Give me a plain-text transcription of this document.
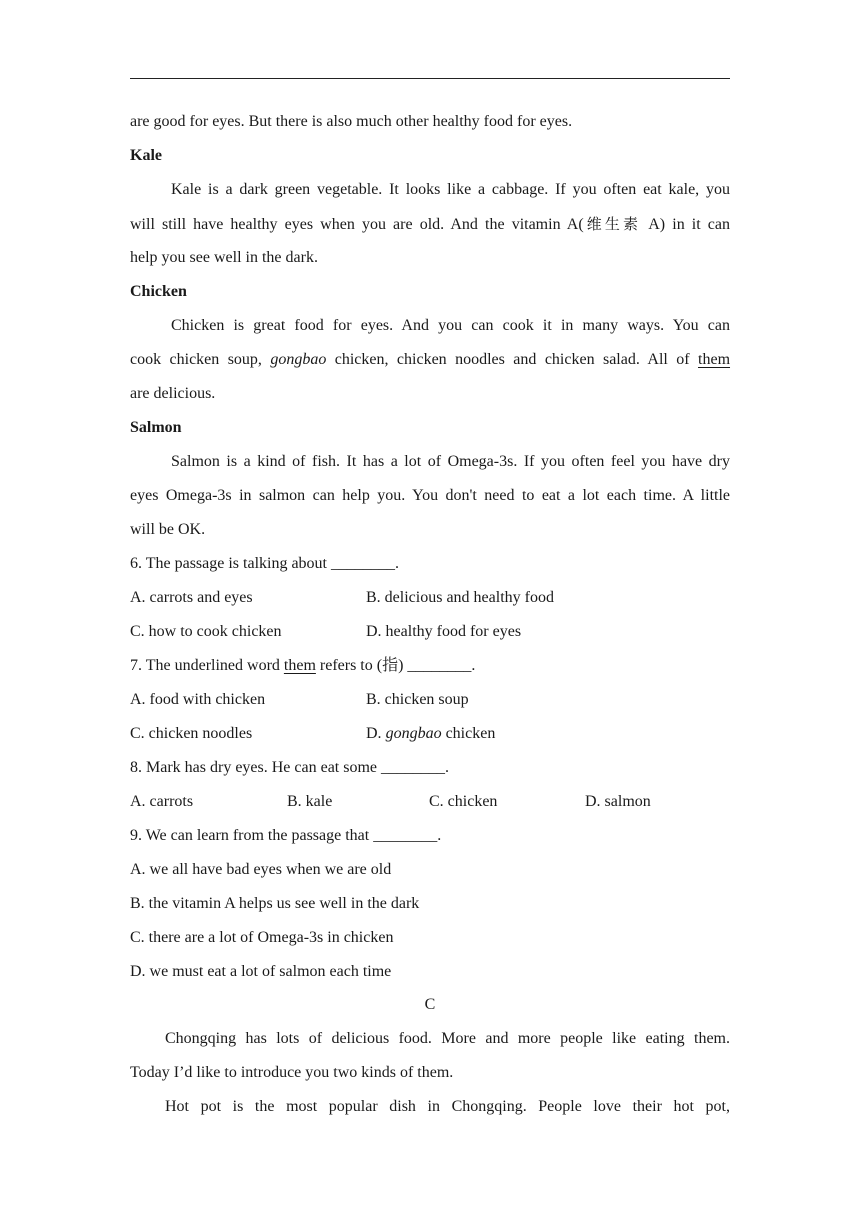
are good for eyes. But there is also much other healthy food for eyes.
Kale
Kale is a dark green vegetable. It looks like a cabbage. If you often eat kale, you
will still have healthy eyes when you are old. And the vitamin A(维生素 A) in it can
help you see well in the dark.
Chicken
Chicken is great food for eyes. And you can cook it in many ways. You can
cook chicken soup, gongbao chicken, chicken noodles and chicken salad. All of them
are delicious.
Salmon
Salmon is a kind of fish. It has a lot of Omega-3s. If you often feel you have dry
eyes Omega-3s in salmon can help you. You don't need to eat a lot each time. A little
will be OK.
6. The passage is talking about ________.
A. carrots and eyes	B. delicious and healthy food
C. how to cook chicken	D. healthy food for eyes
7. The underlined word them refers to (指) ________.
A. food with chicken	B. chicken soup
C. chicken noodles	D. gongbao chicken
8. Mark has dry eyes. He can eat some ________.
A. carrots	B. kale	C. chicken	D. salmon
9. We can learn from the passage that ________.
A. we all have bad eyes when we are old
B. the vitamin A helps us see well in the dark
C. there are a lot of Omega-3s in chicken
D. we must eat a lot of salmon each time
C
Chongqing has lots of delicious food. More and more people like eating them.
Today I’d like to introduce you two kinds of them.
Hot pot is the most popular dish in Chongqing. People love their hot pot,
